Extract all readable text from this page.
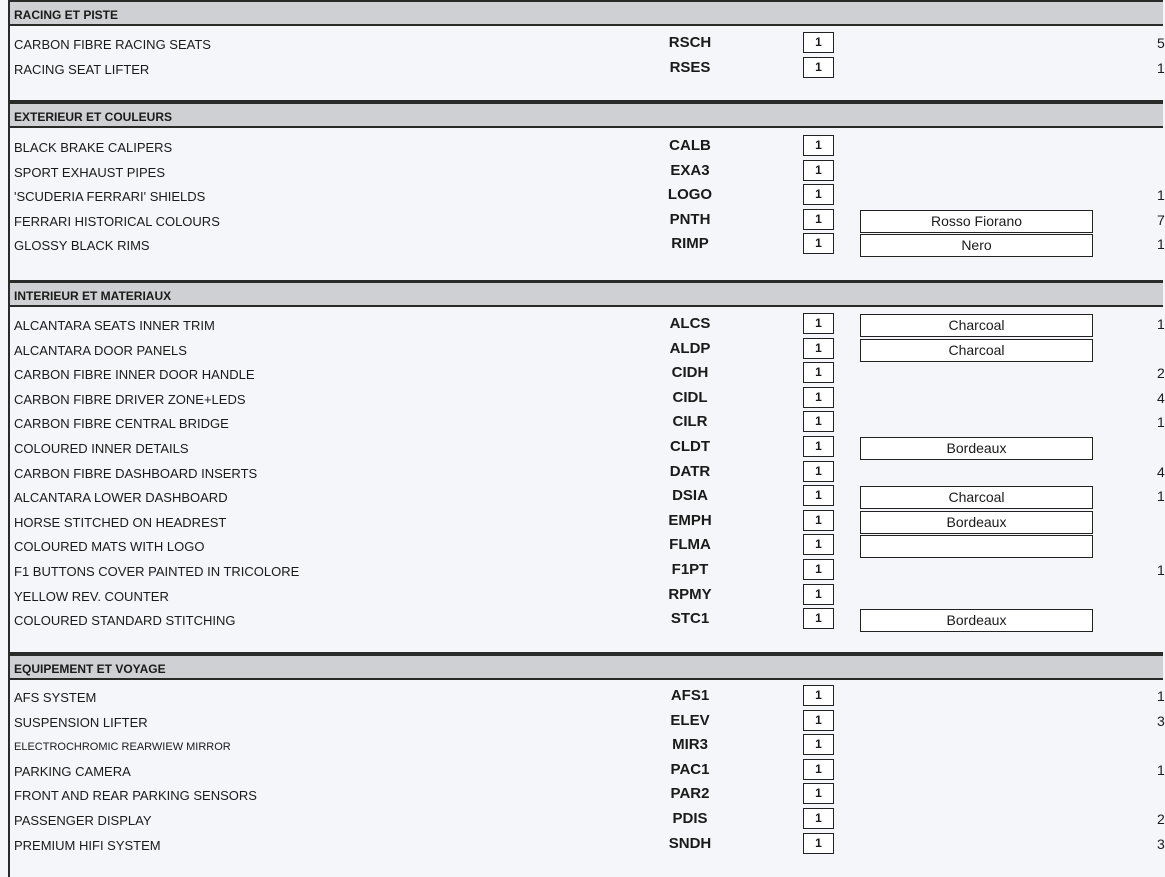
RACING ET PISTE
CARBON FIBRE RACING SEATS	RSCH	1	5
RACING SEAT LIFTER	RSES	1	1
EXTERIEUR ET COULEURS
BLACK BRAKE CALIPERS	CALB	1
SPORT EXHAUST PIPES	EXA3	1
'SCUDERIA FERRARI' SHIELDS	LOGO	1	1
FERRARI HISTORICAL COLOURS	PNTH	1	Rosso Fiorano	7
GLOSSY BLACK RIMS	RIMP	1	Nero	1
INTERIEUR ET MATERIAUX
ALCANTARA SEATS INNER TRIM	ALCS	1	Charcoal	1
ALCANTARA DOOR PANELS	ALDP	1	Charcoal
CARBON FIBRE INNER DOOR HANDLE	CIDH	1	2
CARBON FIBRE DRIVER ZONE+LEDS	CIDL	1	4
CARBON FIBRE CENTRAL BRIDGE	CILR	1	1
COLOURED INNER DETAILS	CLDT	1	Bordeaux
CARBON FIBRE DASHBOARD INSERTS	DATR	1	4
ALCANTARA LOWER DASHBOARD	DSIA	1	Charcoal	1
HORSE STITCHED ON HEADREST	EMPH	1	Bordeaux
COLOURED MATS WITH LOGO	FLMA	1
F1 BUTTONS COVER PAINTED IN TRICOLORE	F1PT	1	1
YELLOW REV. COUNTER	RPMY	1
COLOURED STANDARD STITCHING	STC1	1	Bordeaux
EQUIPEMENT ET VOYAGE
AFS SYSTEM	AFS1	1	1
SUSPENSION LIFTER	ELEV	1	3
ELECTROCHROMIC REARWIEW MIRROR	MIR3	1
PARKING CAMERA	PAC1	1	1
FRONT AND REAR PARKING SENSORS	PAR2	1
PASSENGER DISPLAY	PDIS	1	2
PREMIUM HIFI SYSTEM	SNDH	1	3
